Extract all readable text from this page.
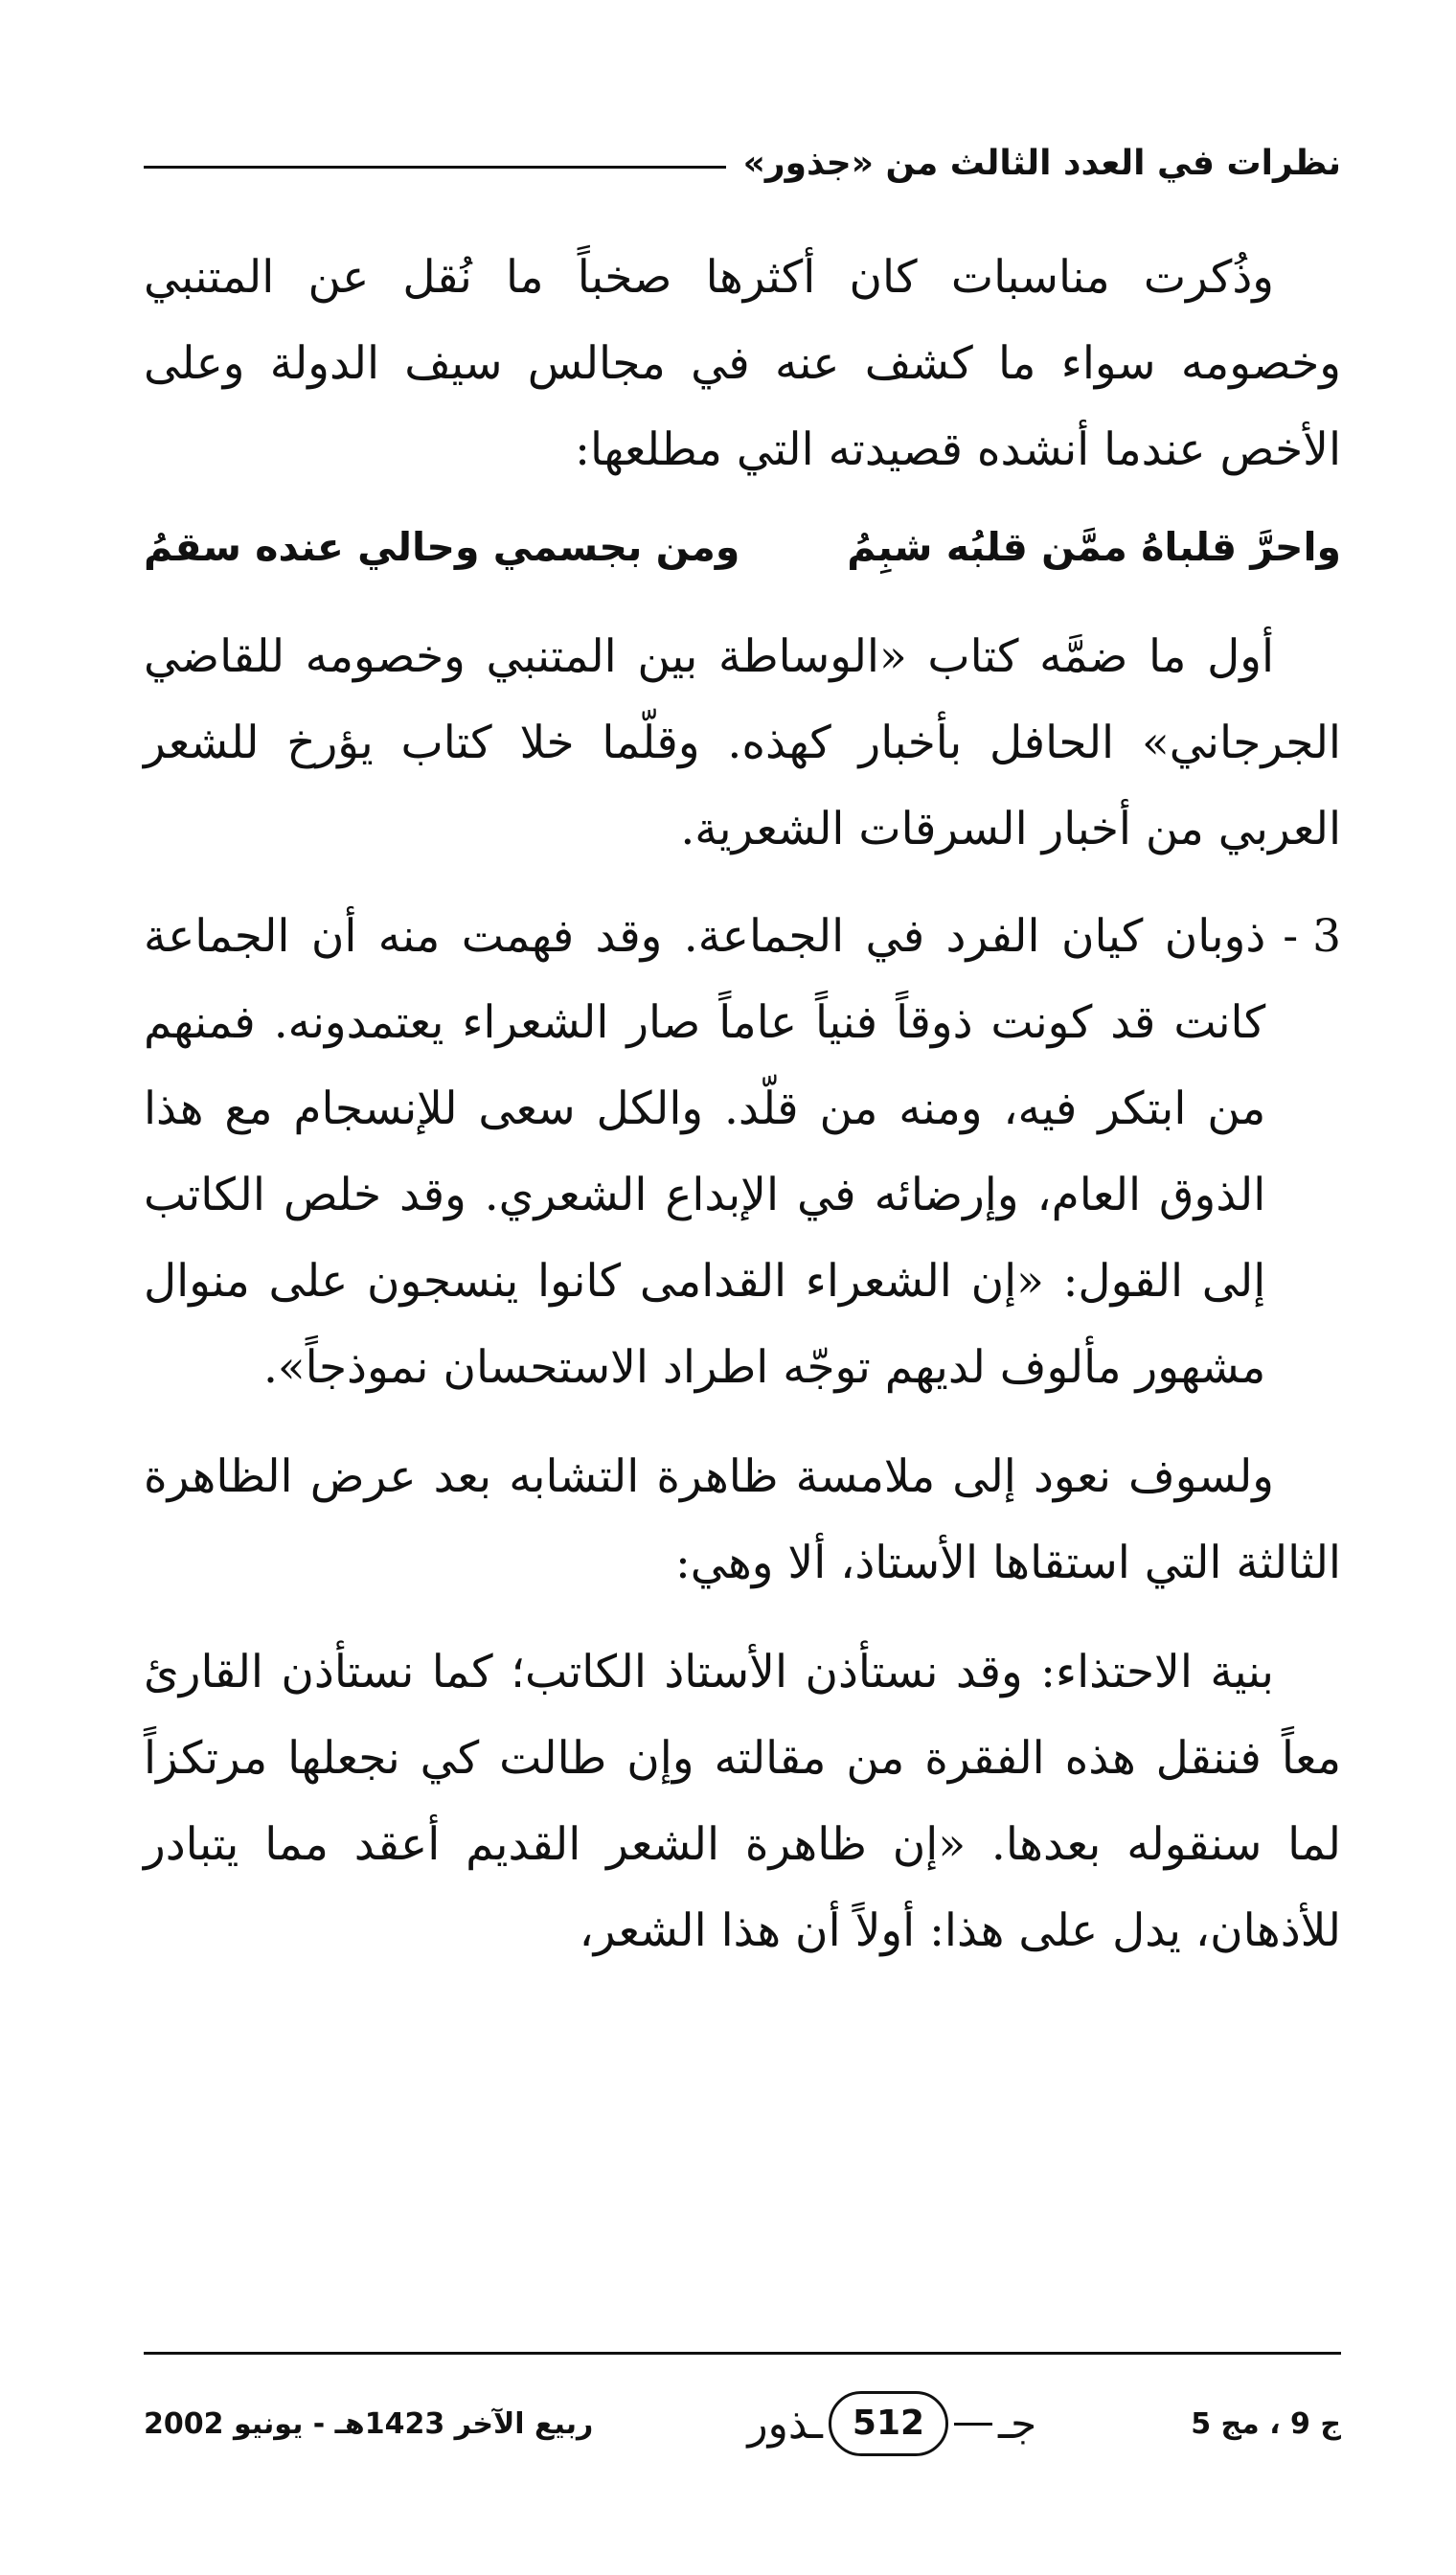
نظرات في العدد الثالث من «جذور»

وذُكرت مناسبات كان أكثرها صخباً ما نُقل عن المتنبي وخصومه سواء ما كشف عنه في مجالس سيف الدولة وعلى الأخص عندما أنشده قصيدته التي مطلعها:

واحرَّ قلباهُ ممَّن قلبُه شبِمُ
ومن بجسمي وحالي عنده سقمُ

أول ما ضمَّه كتاب «الوساطة بين المتنبي وخصومه للقاضي الجرجاني» الحافل بأخبار كهذه. وقلّما خلا كتاب يؤرخ للشعر العربي من أخبار السرقات الشعرية.

3 -
ذوبان كيان الفرد في الجماعة. وقد فهمت منه أن الجماعة كانت قد كونت ذوقاً فنياً عاماً صار الشعراء يعتمدونه. فمنهم من ابتكر فيه، ومنه من قلّد. والكل سعى للإنسجام مع هذا الذوق العام، وإرضائه في الإبداع الشعري. وقد خلص الكاتب إلى القول: «إن الشعراء القدامى كانوا ينسجون على منوال مشهور مألوف لديهم توجّه اطراد الاستحسان نموذجاً».

ولسوف نعود إلى ملامسة ظاهرة التشابه بعد عرض الظاهرة الثالثة التي استقاها الأستاذ، ألا وهي:

بنية الاحتذاء: وقد نستأذن الأستاذ الكاتب؛ كما نستأذن القارئ معاً فننقل هذه الفقرة من مقالته وإن طالت كي نجعلها مرتكزاً لما سنقوله بعدها. «إن ظاهرة الشعر القديم أعقد مما يتبادر للأذهان، يدل على هذا: أولاً أن هذا الشعر،

ج 9 ، مج 5
جـ
512
ـذور
ربيع الآخر 1423هـ - يونيو 2002
